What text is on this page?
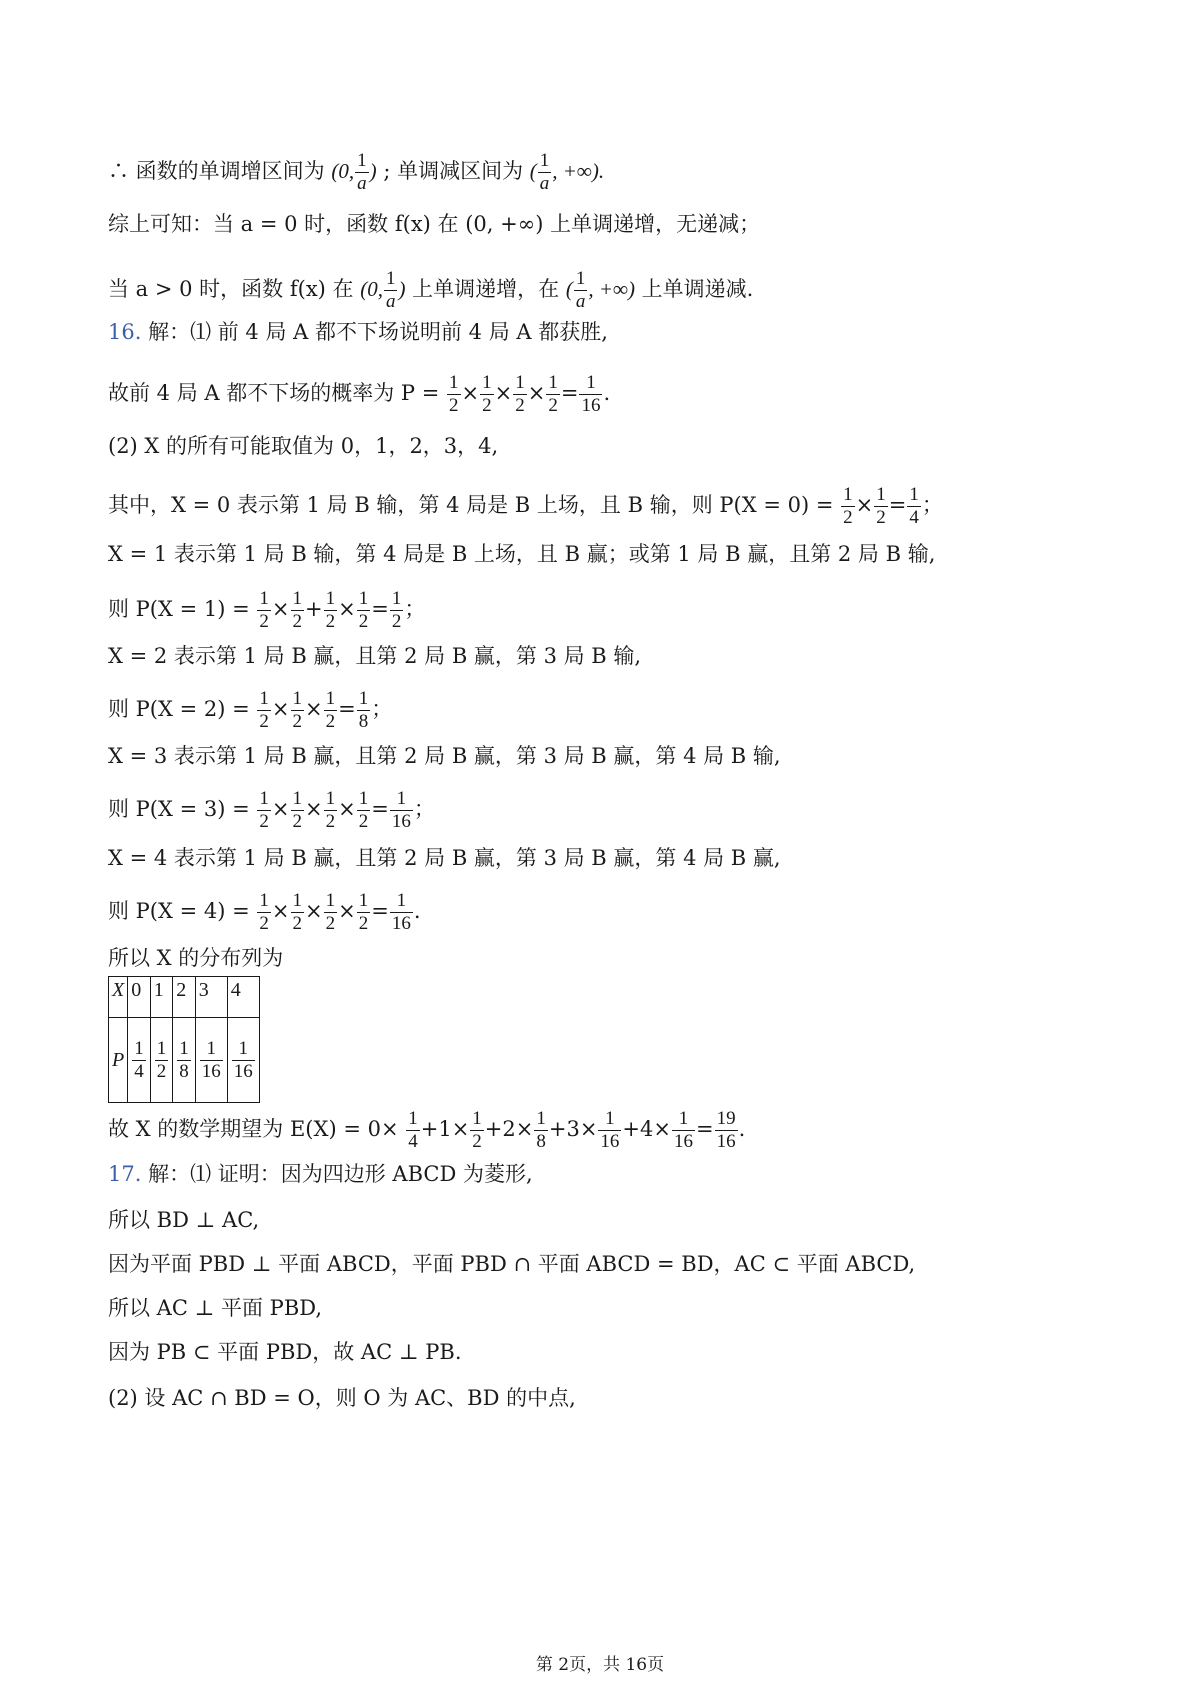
∴ 函数的单调增区间为 (0, $\frac{1}{a}$ ) ; 单调减区间为 ( $\frac{1}{a}$ , +∞).
综上可知：当 a = 0 时，函数 f(x) 在 (0, +∞) 上单调递增，无递减；
当 a > 0 时，函数 f(x) 在 (0, $\frac{1}{a}$ ) 上单调递增，在 ( $\frac{1}{a}$ , +∞) 上单调递减.
16. 解：⑴ 前 4 局 A 都不下场说明前 4 局 A 都获胜,
故前 4 局 A 都不下场的概率为 $P = \frac{1}{2} \times \frac{1}{2} \times \frac{1}{2} \times \frac{1}{2} = \frac{1}{16}$ .
(2) X 的所有可能取值为 0，1，2，3，4,
其中，X = 0 表示第 1 局 B 输，第 4 局是 B 上场，且 B 输，则 $P(X = 0) = \frac{1}{2} \times \frac{1}{2} = \frac{1}{4}$ ；
X = 1 表示第 1 局 B 输，第 4 局是 B 上场，且 B 赢；或第 1 局 B 赢，且第 2 局 B 输,
则 $P(X = 1) = \frac{1}{2} \times \frac{1}{2} + \frac{1}{2} \times \frac{1}{2} = \frac{1}{2}$ ；
X = 2 表示第 1 局 B 赢，且第 2 局 B 赢，第 3 局 B 输,
则 $P(X = 2) = \frac{1}{2} \times \frac{1}{2} \times \frac{1}{2} = \frac{1}{8}$ ；
X = 3 表示第 1 局 B 赢，且第 2 局 B 赢，第 3 局 B 赢，第 4 局 B 输,
则 $P(X = 3) = \frac{1}{2} \times \frac{1}{2} \times \frac{1}{2} \times \frac{1}{2} = \frac{1}{16}$ ；
X = 4 表示第 1 局 B 赢，且第 2 局 B 赢，第 3 局 B 赢，第 4 局 B 赢,
则 $P(X = 4) = \frac{1}{2} \times \frac{1}{2} \times \frac{1}{2} \times \frac{1}{2} = \frac{1}{16}$ .
所以 X 的分布列为
X	0	1	2	3	4
P	$\frac{1}{4}$	$\frac{1}{2}$	$\frac{1}{8}$	$\frac{1}{16}$	$\frac{1}{16}$
故 X 的数学期望为 $E(X) = 0\times \frac{1}{4} +1\times \frac{1}{2} +2\times \frac{1}{8} +3\times \frac{1}{16} +4\times \frac{1}{16} = \frac{19}{16}$ .
17. 解：⑴ 证明：因为四边形 ABCD 为菱形,
所以 BD ⊥ AC,
因为平面 PBD ⊥ 平面 ABCD，平面 PBD ∩ 平面 ABCD = BD，AC ⊂ 平面 ABCD,
所以 AC ⊥ 平面 PBD,
因为 PB ⊂ 平面 PBD，故 AC ⊥ PB.
(2) 设 AC ∩ BD = O，则 O 为 AC、BD 的中点,
第 2页，共 16页
